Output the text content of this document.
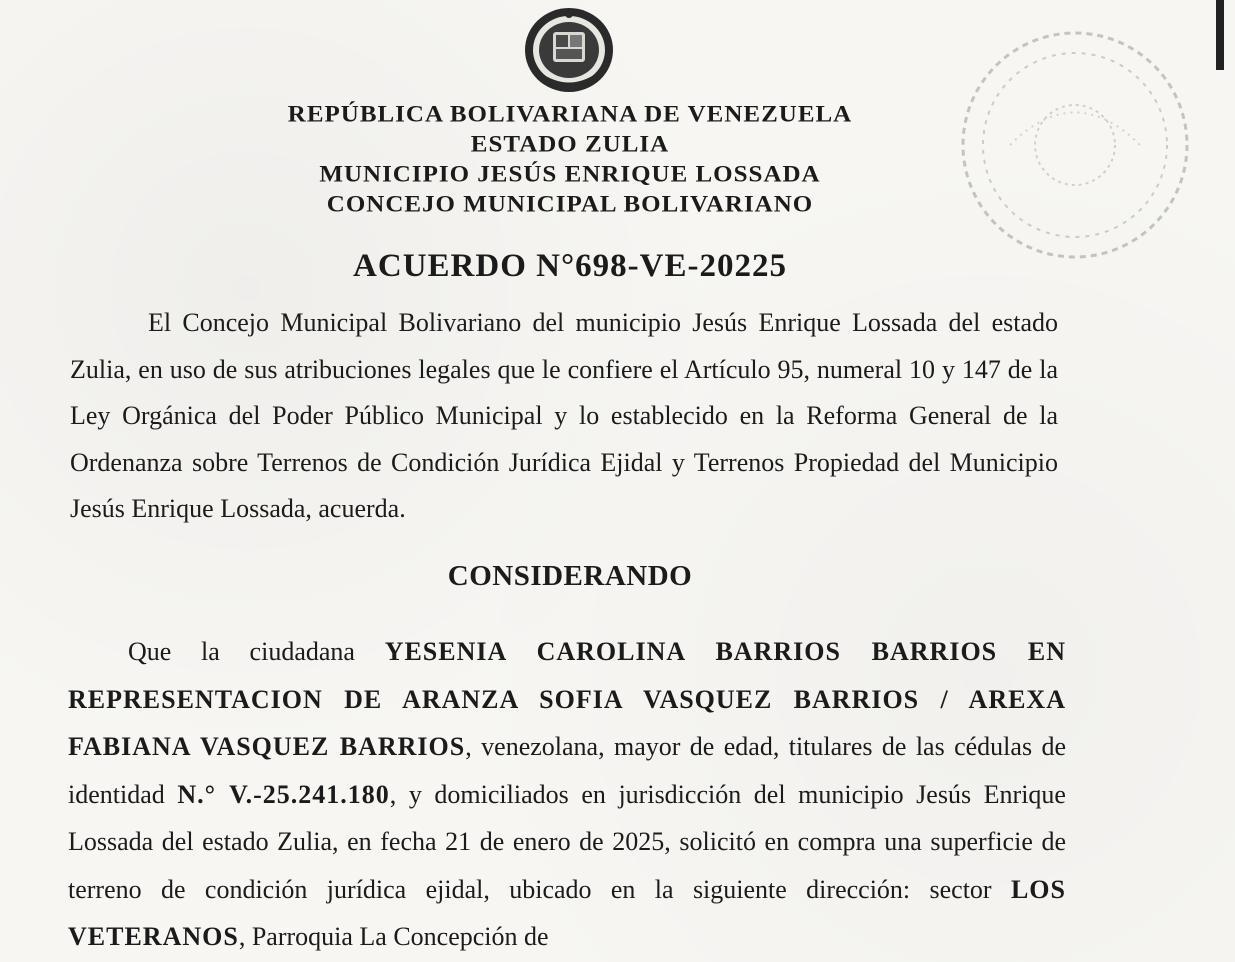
REPÚBLICA BOLIVARIANA DE VENEZUELA
ESTADO ZULIA
MUNICIPIO JESÚS ENRIQUE LOSSADA
CONCEJO MUNICIPAL BOLIVARIANO
ACUERDO N°698-VE-20225

El Concejo Municipal Bolivariano del municipio Jesús Enrique Lossada del estado Zulia, en uso de sus atribuciones legales que le confiere el Artículo 95, numeral 10 y 147 de la Ley Orgánica del Poder Público Municipal y lo establecido en la Reforma General de la Ordenanza sobre Terrenos de Condición Jurídica Ejidal y Terrenos Propiedad del Municipio Jesús Enrique Lossada, acuerda.

CONSIDERANDO

Que la ciudadana YESENIA CAROLINA BARRIOS BARRIOS EN REPRESENTACION DE ARANZA SOFIA VASQUEZ BARRIOS / AREXA FABIANA VASQUEZ BARRIOS, venezolana, mayor de edad, titulares de las cédulas de identidad N.° V.-25.241.180, y domiciliados en jurisdicción del municipio Jesús Enrique Lossada del estado Zulia, en fecha 21 de enero de 2025, solicitó en compra una superficie de terreno de condición jurídica ejidal, ubicado en la siguiente dirección: sector LOS VETERANOS, Parroquia La Concepción de
